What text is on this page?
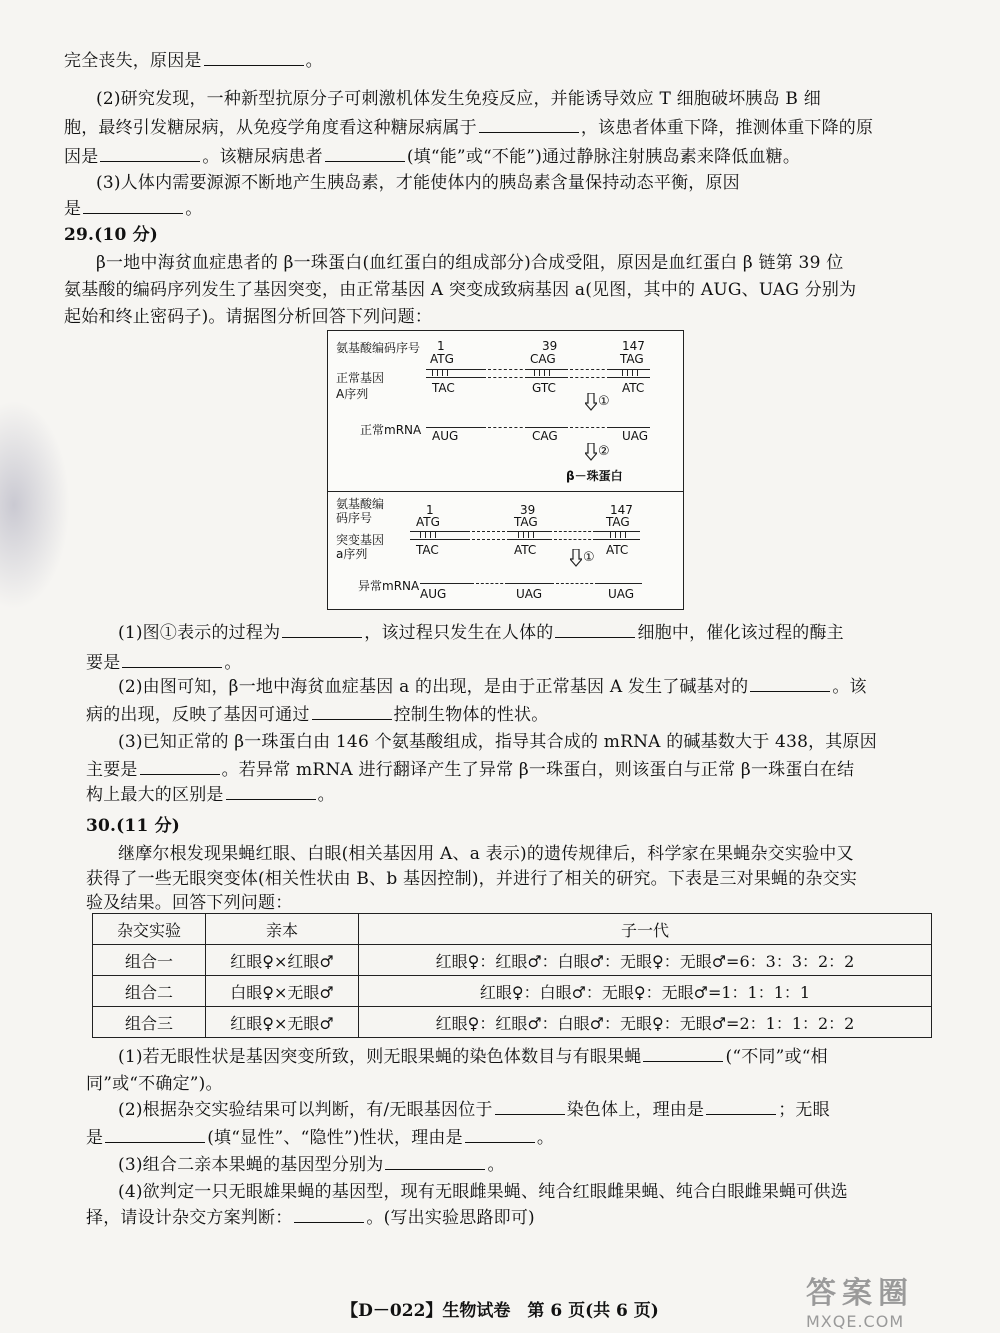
完全丧失，原因是	。
(2)研究发现，一种新型抗原分子可刺激机体发生免疫反应，并能诱导效应 T 细胞破坏胰岛 B 细
胞，最终引发糖尿病，从免疫学角度看这种糖尿病属于	，该患者体重下降，推测体重下降的原
因是	。该糖尿病患者	(填“能”或“不能”)通过静脉注射胰岛素来降低血糖。
(3)人体内需要源源不断地产生胰岛素，才能使体内的胰岛素含量保持动态平衡，原因
是	。
29.(10 分)
β一地中海贫血症患者的 β一珠蛋白(血红蛋白的组成部分)合成受阻，原因是血红蛋白 β 链第 39 位
氨基酸的编码序列发生了基因突变，由正常基因 A 突变成致病基因 a(见图，其中的 AUG、UAG 分别为
起始和终止密码子)。请据图分析回答下列问题：
氨基酸编码序号 1	39	147
ATG	CAG	TAG
正常基因
A序列	TAC	GTC	ATC
①
正常mRNA AUG	CAG	UAG
②
β－珠蛋白
氨基酸编
码序号
1	39	147
ATG	TAG	TAG
突变基因
a序列	TAC	ATC	ATC
①
异常mRNA
AUG	UAG	UAG
(1)图①表示的过程为	，该过程只发生在人体的	细胞中，催化该过程的酶主
要是	。
(2)由图可知，β一地中海贫血症基因 a 的出现，是由于正常基因 A 发生了碱基对的	。该
病的出现，反映了基因可通过	控制生物体的性状。
(3)已知正常的 β一珠蛋白由 146 个氨基酸组成，指导其合成的 mRNA 的碱基数大于 438，其原因
主要是	。若异常 mRNA 进行翻译产生了异常 β一珠蛋白，则该蛋白与正常 β一珠蛋白在结
构上最大的区别是	。
30.(11 分)
继摩尔根发现果蝇红眼、白眼(相关基因用 A、a 表示)的遗传规律后，科学家在果蝇杂交实验中又
获得了一些无眼突变体(相关性状由 B、b 基因控制)，并进行了相关的研究。下表是三对果蝇的杂交实
验及结果。回答下列问题：
杂交实验	亲本	子一代
组合一	红眼♀×红眼♂	红眼♀：红眼♂：白眼♂：无眼♀：无眼♂=6：3：3：2：2
组合二	白眼♀×无眼♂	红眼♀：白眼♂：无眼♀：无眼♂=1：1：1：1
组合三	红眼♀×无眼♂	红眼♀：红眼♂：白眼♂：无眼♀：无眼♂=2：1：1：2：2
(1)若无眼性状是基因突变所致，则无眼果蝇的染色体数目与有眼果蝇	(“不同”或“相
同”或“不确定”)。
(2)根据杂交实验结果可以判断，有/无眼基因位于	染色体上，理由是	；无眼
是	(填“显性”、“隐性”)性状，理由是	。
(3)组合二亲本果蝇的基因型分别为	。
(4)欲判定一只无眼雄果蝇的基因型，现有无眼雌果蝇、纯合红眼雌果蝇、纯合白眼雌果蝇可供选
择，请设计杂交方案判断：	。(写出实验思路即可)
【D－022】生物试卷　第 6 页(共 6 页)	答案圈
MXQE.COM
